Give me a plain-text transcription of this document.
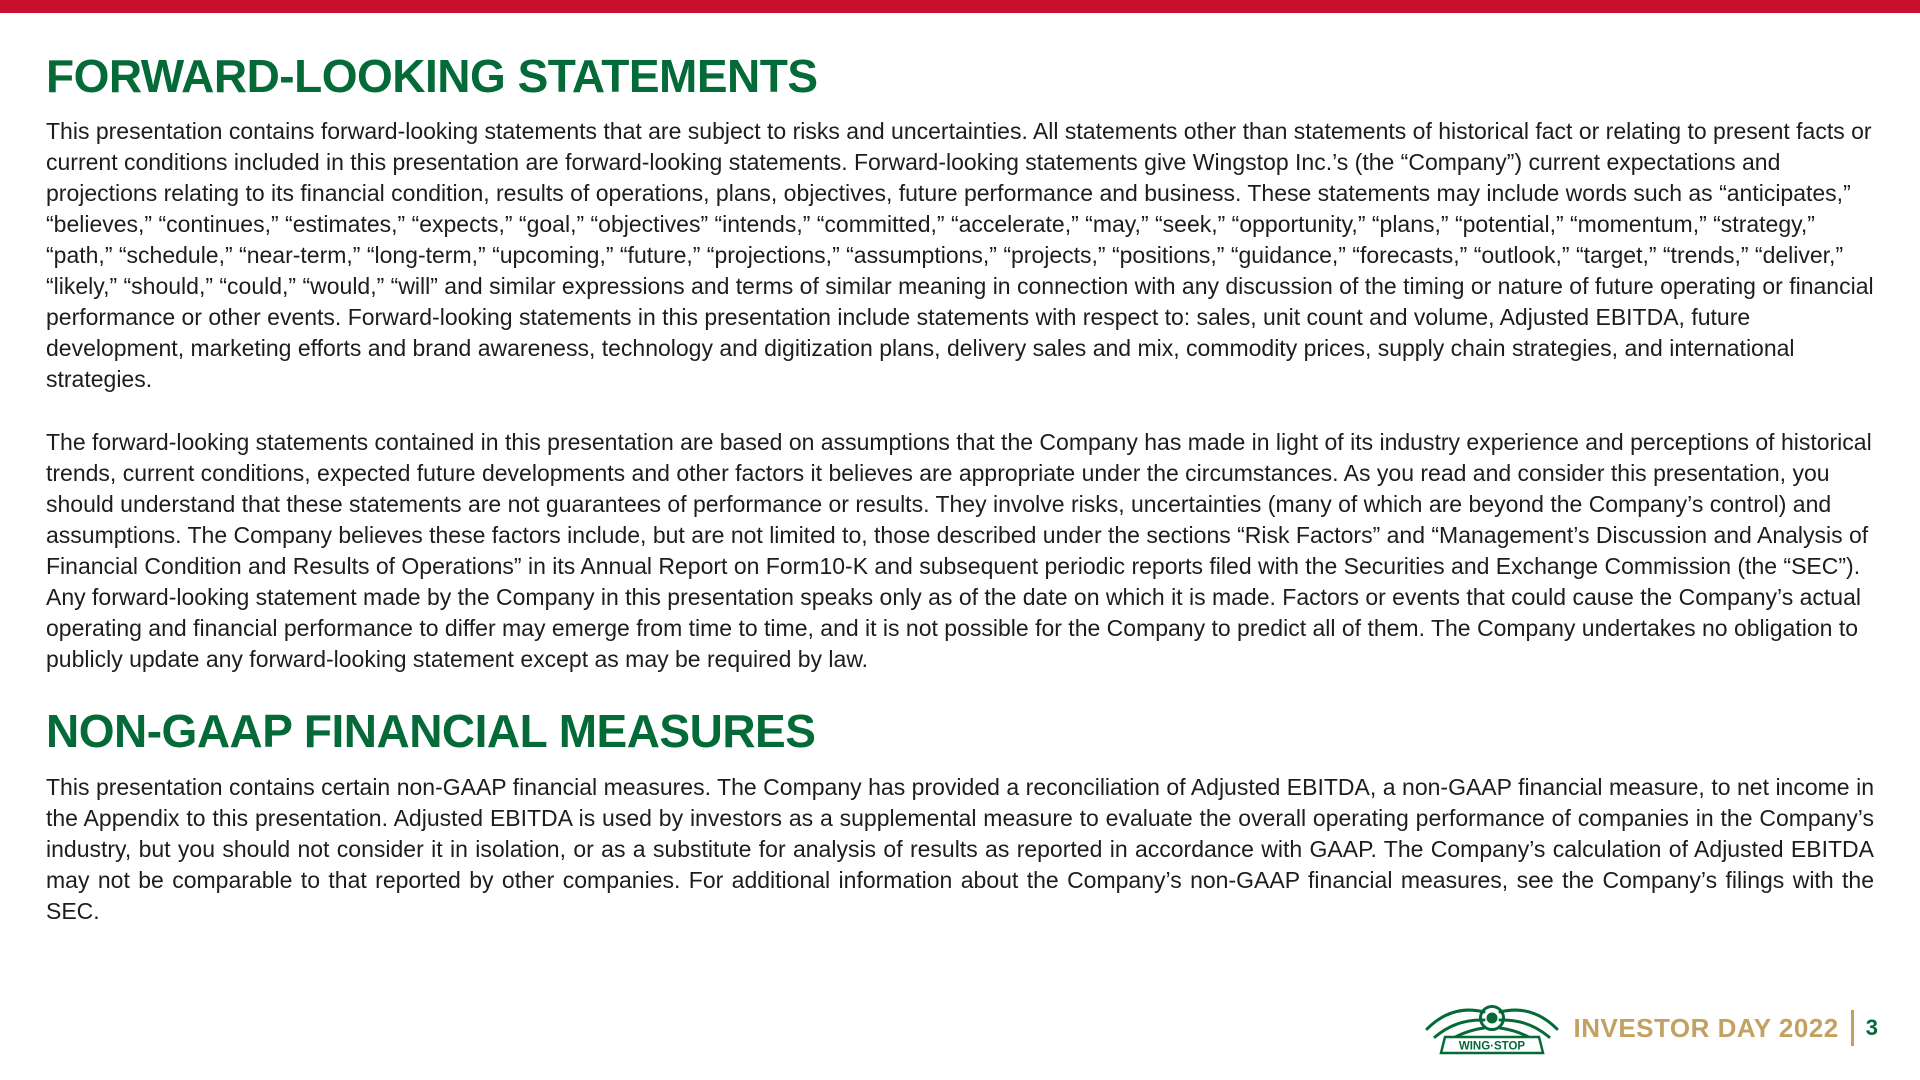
FORWARD-LOOKING STATEMENTS

This presentation contains forward-looking statements that are subject to risks and uncertainties. All statements other than statements of historical fact or relating to present facts or current conditions included in this presentation are forward-looking statements. Forward-looking statements give Wingstop Inc.’s (the “Company”) current expectations and projections relating to its financial condition, results of operations, plans, objectives, future performance and business. These statements may include words such as “anticipates,” “believes,” “continues,” “estimates,” “expects,” “goal,” “objectives” “intends,” “committed,” “accelerate,” “may,” “seek,” “opportunity,” “plans,” “potential,” “momentum,” “strategy,” “path,” “schedule,” “near-term,” “long-term,” “upcoming,” “future,” “projections,” “assumptions,” “projects,” “positions,” “guidance,” “forecasts,” “outlook,” “target,” “trends,” “deliver,” “likely,” “should,” “could,” “would,” “will” and similar expressions and terms of similar meaning in connection with any discussion of the timing or nature of future operating or financial performance or other events. Forward-looking statements in this presentation include statements with respect to: sales, unit count and volume, Adjusted EBITDA, future development, marketing efforts and brand awareness, technology and digitization plans, delivery sales and mix, commodity prices, supply chain strategies, and international strategies.

The forward-looking statements contained in this presentation are based on assumptions that the Company has made in light of its industry experience and perceptions of historical trends, current conditions, expected future developments and other factors it believes are appropriate under the circumstances. As you read and consider this presentation, you should understand that these statements are not guarantees of performance or results. They involve risks, uncertainties (many of which are beyond the Company’s control) and assumptions. The Company believes these factors include, but are not limited to, those described under the sections “Risk Factors” and “Management’s Discussion and Analysis of Financial Condition and Results of Operations” in its Annual Report on Form10-K and subsequent periodic reports filed with the Securities and Exchange Commission (the “SEC”). Any forward-looking statement made by the Company in this presentation speaks only as of the date on which it is made. Factors or events that could cause the Company’s actual operating and financial performance to differ may emerge from time to time, and it is not possible for the Company to predict all of them. The Company undertakes no obligation to publicly update any forward-looking statement except as may be required by law.

NON-GAAP FINANCIAL MEASURES

This presentation contains certain non-GAAP financial measures. The Company has provided a reconciliation of Adjusted EBITDA, a non-GAAP financial measure, to net income in the Appendix to this presentation. Adjusted EBITDA is used by investors as a supplemental measure to evaluate the overall operating performance of companies in the Company’s industry, but you should not consider it in isolation, or as a substitute for analysis of results as reported in accordance with GAAP. The Company’s calculation of Adjusted EBITDA may not be comparable to that reported by other companies. For additional information about the Company’s non-GAAP financial measures, see the Company’s filings with the SEC.

WING·STOP
INVESTOR DAY 2022 3
